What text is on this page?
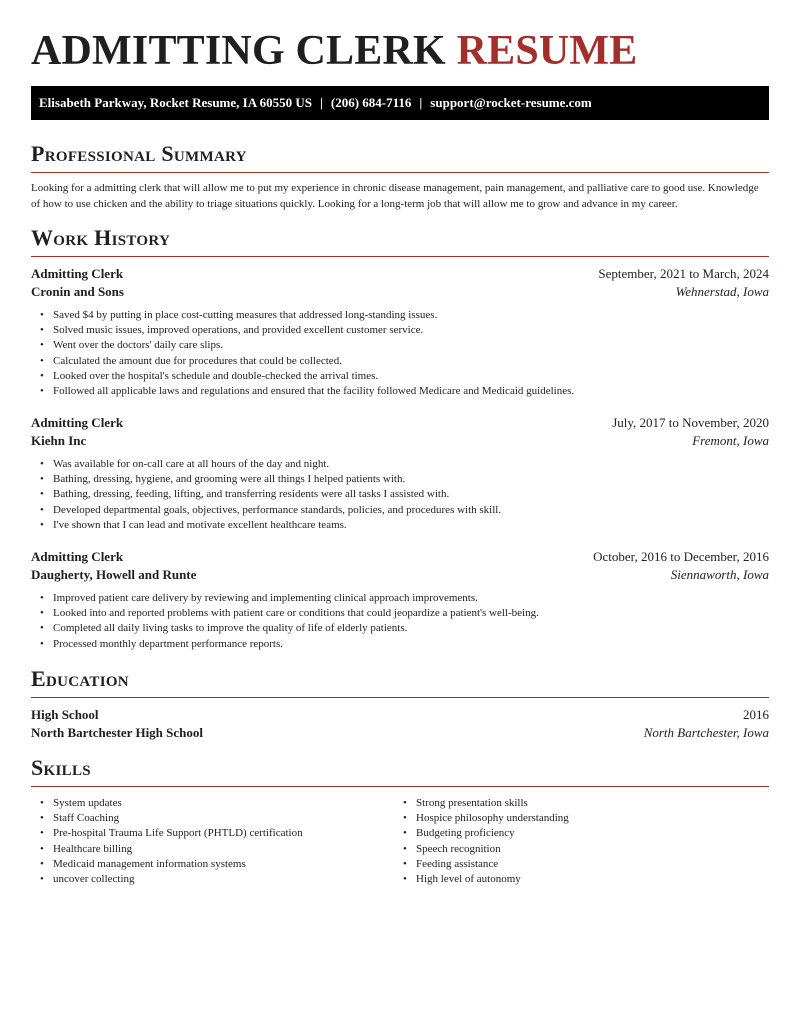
ADMITTING CLERK RESUME
Elisabeth Parkway, Rocket Resume, IA 60550 US | (206) 684-7116 | support@rocket-resume.com
Professional Summary

Looking for a admitting clerk that will allow me to put my experience in chronic disease management, pain management, and palliative care to good use. Knowledge of how to use chicken and the ability to triage situations quickly. Looking for a long-term job that will allow me to grow and advance in my career.

Work History
Admitting Clerk	September, 2021 to March, 2024
Cronin and Sons	Wehnerstad, Iowa
• Saved $4 by putting in place cost-cutting measures that addressed long-standing issues.
• Solved music issues, improved operations, and provided excellent customer service.
• Went over the doctors' daily care slips.
• Calculated the amount due for procedures that could be collected.
• Looked over the hospital's schedule and double-checked the arrival times.
• Followed all applicable laws and regulations and ensured that the facility followed Medicare and Medicaid guidelines.
Admitting Clerk	July, 2017 to November, 2020
Kiehn Inc	Fremont, Iowa
• Was available for on-call care at all hours of the day and night.
• Bathing, dressing, hygiene, and grooming were all things I helped patients with.
• Bathing, dressing, feeding, lifting, and transferring residents were all tasks I assisted with.
• Developed departmental goals, objectives, performance standards, policies, and procedures with skill.
• I've shown that I can lead and motivate excellent healthcare teams.
Admitting Clerk	October, 2016 to December, 2016
Daugherty, Howell and Runte	Siennaworth, Iowa
• Improved patient care delivery by reviewing and implementing clinical approach improvements.
• Looked into and reported problems with patient care or conditions that could jeopardize a patient's well-being.
• Completed all daily living tasks to improve the quality of life of elderly patients.
• Processed monthly department performance reports.
Education
High School	2016
North Bartchester High School	North Bartchester, Iowa
Skills
• System updates
• Staff Coaching
• Pre-hospital Trauma Life Support (PHTLD) certification
• Healthcare billing
• Medicaid management information systems
• uncover collecting
• Strong presentation skills
• Hospice philosophy understanding
• Budgeting proficiency
• Speech recognition
• Feeding assistance
• High level of autonomy
